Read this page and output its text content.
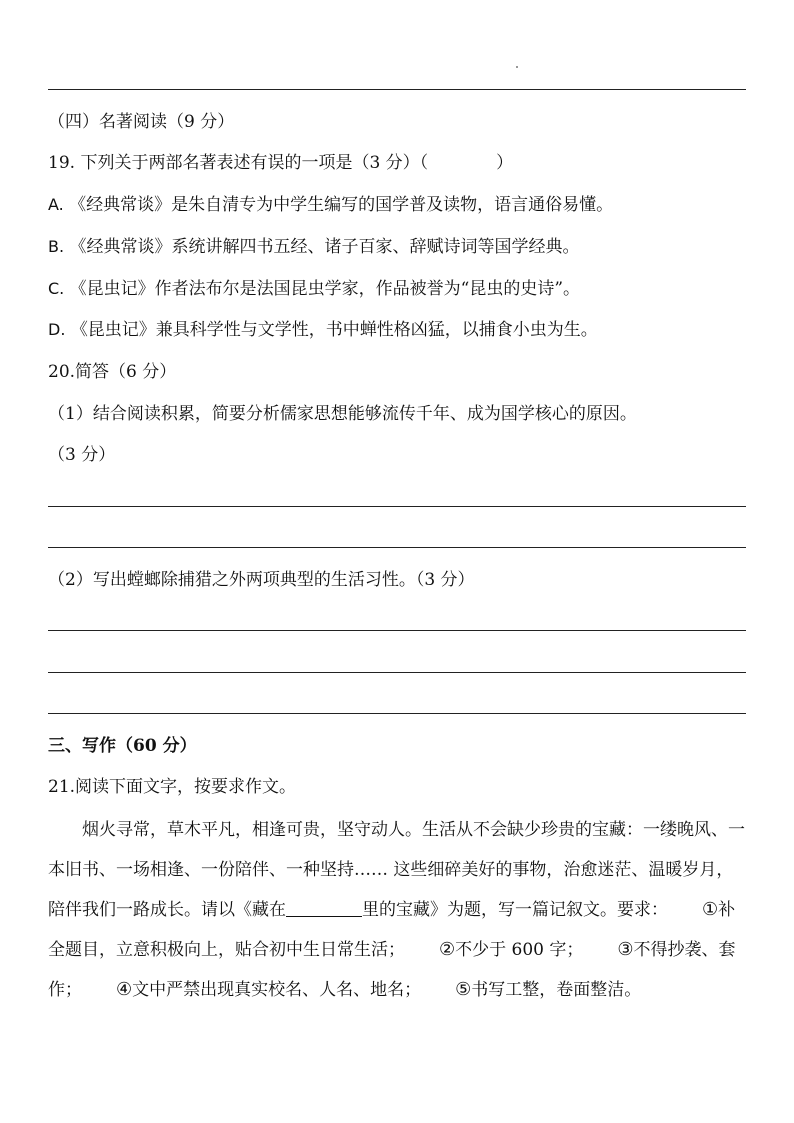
（四）名著阅读（9 分）
19. 下列关于两部名著表述有误的一项是（3 分）（　　　　）
A. 《经典常谈》是朱自清专为中学生编写的国学普及读物，语言通俗易懂。
B. 《经典常谈》系统讲解四书五经、诸子百家、辞赋诗词等国学经典。
C. 《昆虫记》作者法布尔是法国昆虫学家，作品被誉为“昆虫的史诗”。
D. 《昆虫记》兼具科学性与文学性，书中蝉性格凶猛，以捕食小虫为生。
20.简答（6 分）
（1）结合阅读积累，简要分析儒家思想能够流传千年、成为国学核心的原因。
（3 分）
（2）写出螳螂除捕猎之外两项典型的生活习性。（3 分）
三、写作（60 分）
21.阅读下面文字，按要求作文。

烟火寻常，草木平凡，相逢可贵，坚守动人。生活从不会缺少珍贵的宝藏：一缕晚风、一本旧书、一场相逢、一份陪伴、一种坚持…… 这些细碎美好的事物，治愈迷茫、温暖岁月，陪伴我们一路成长。请以《藏在	里的宝藏》为题，写一篇记叙文。要求： ①补全题目，立意积极向上，贴合初中生日常生活； ②不少于 600 字； ③不得抄袭、套作； ④文中严禁出现真实校名、人名、地名； ⑤书写工整，卷面整洁。
